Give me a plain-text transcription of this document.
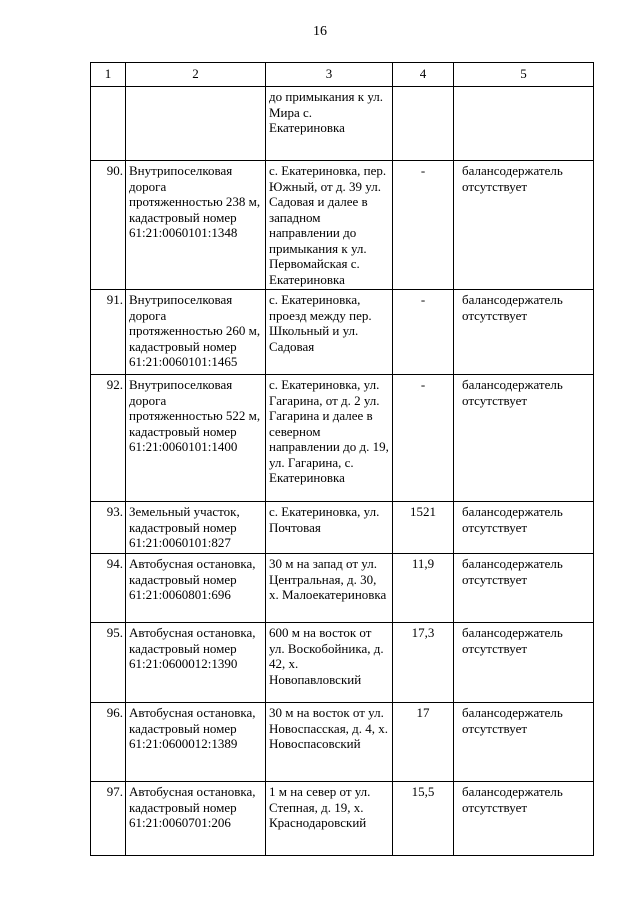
16
1	2	3	4	5
		до примыкания к ул. Мира с. Екатериновка		
90.	Внутрипоселковая дорога протяженностью 238 м, кадастровый номер 61:21:0060101:1348	с. Екатериновка, пер. Южный, от д. 39 ул. Садовая и далее в западном направлении до примыкания к ул. Первомайская с. Екатериновка	-	балансодержатель отсутствует
91.	Внутрипоселковая дорога протяженностью 260 м, кадастровый номер 61:21:0060101:1465	с. Екатериновка, проезд между пер. Школьный и ул. Садовая	-	балансодержатель отсутствует
92.	Внутрипоселковая дорога протяженностью 522 м, кадастровый номер 61:21:0060101:1400	с. Екатериновка, ул. Гагарина, от д. 2 ул. Гагарина и далее в северном направлении до д. 19, ул. Гагарина, с. Екатериновка	-	балансодержатель отсутствует
93.	Земельный участок, кадастровый номер 61:21:0060101:827	с. Екатериновка, ул. Почтовая	1521	балансодержатель отсутствует
94.	Автобусная остановка, кадастровый номер 61:21:0060801:696	30 м на запад от ул. Центральная, д. 30, х. Малоекатериновка	11,9	балансодержатель отсутствует
95.	Автобусная остановка, кадастровый номер 61:21:0600012:1390	600 м на восток от ул. Воскобойника, д. 42, х. Новопавловский	17,3	балансодержатель отсутствует
96.	Автобусная остановка, кадастровый номер 61:21:0600012:1389	30 м на восток от ул. Новоспасская, д. 4, х. Новоспасовский	17	балансодержатель отсутствует
97.	Автобусная остановка, кадастровый номер 61:21:0060701:206	1 м на север от ул. Степная, д. 19, х. Краснодаровский	15,5	балансодержатель отсутствует
